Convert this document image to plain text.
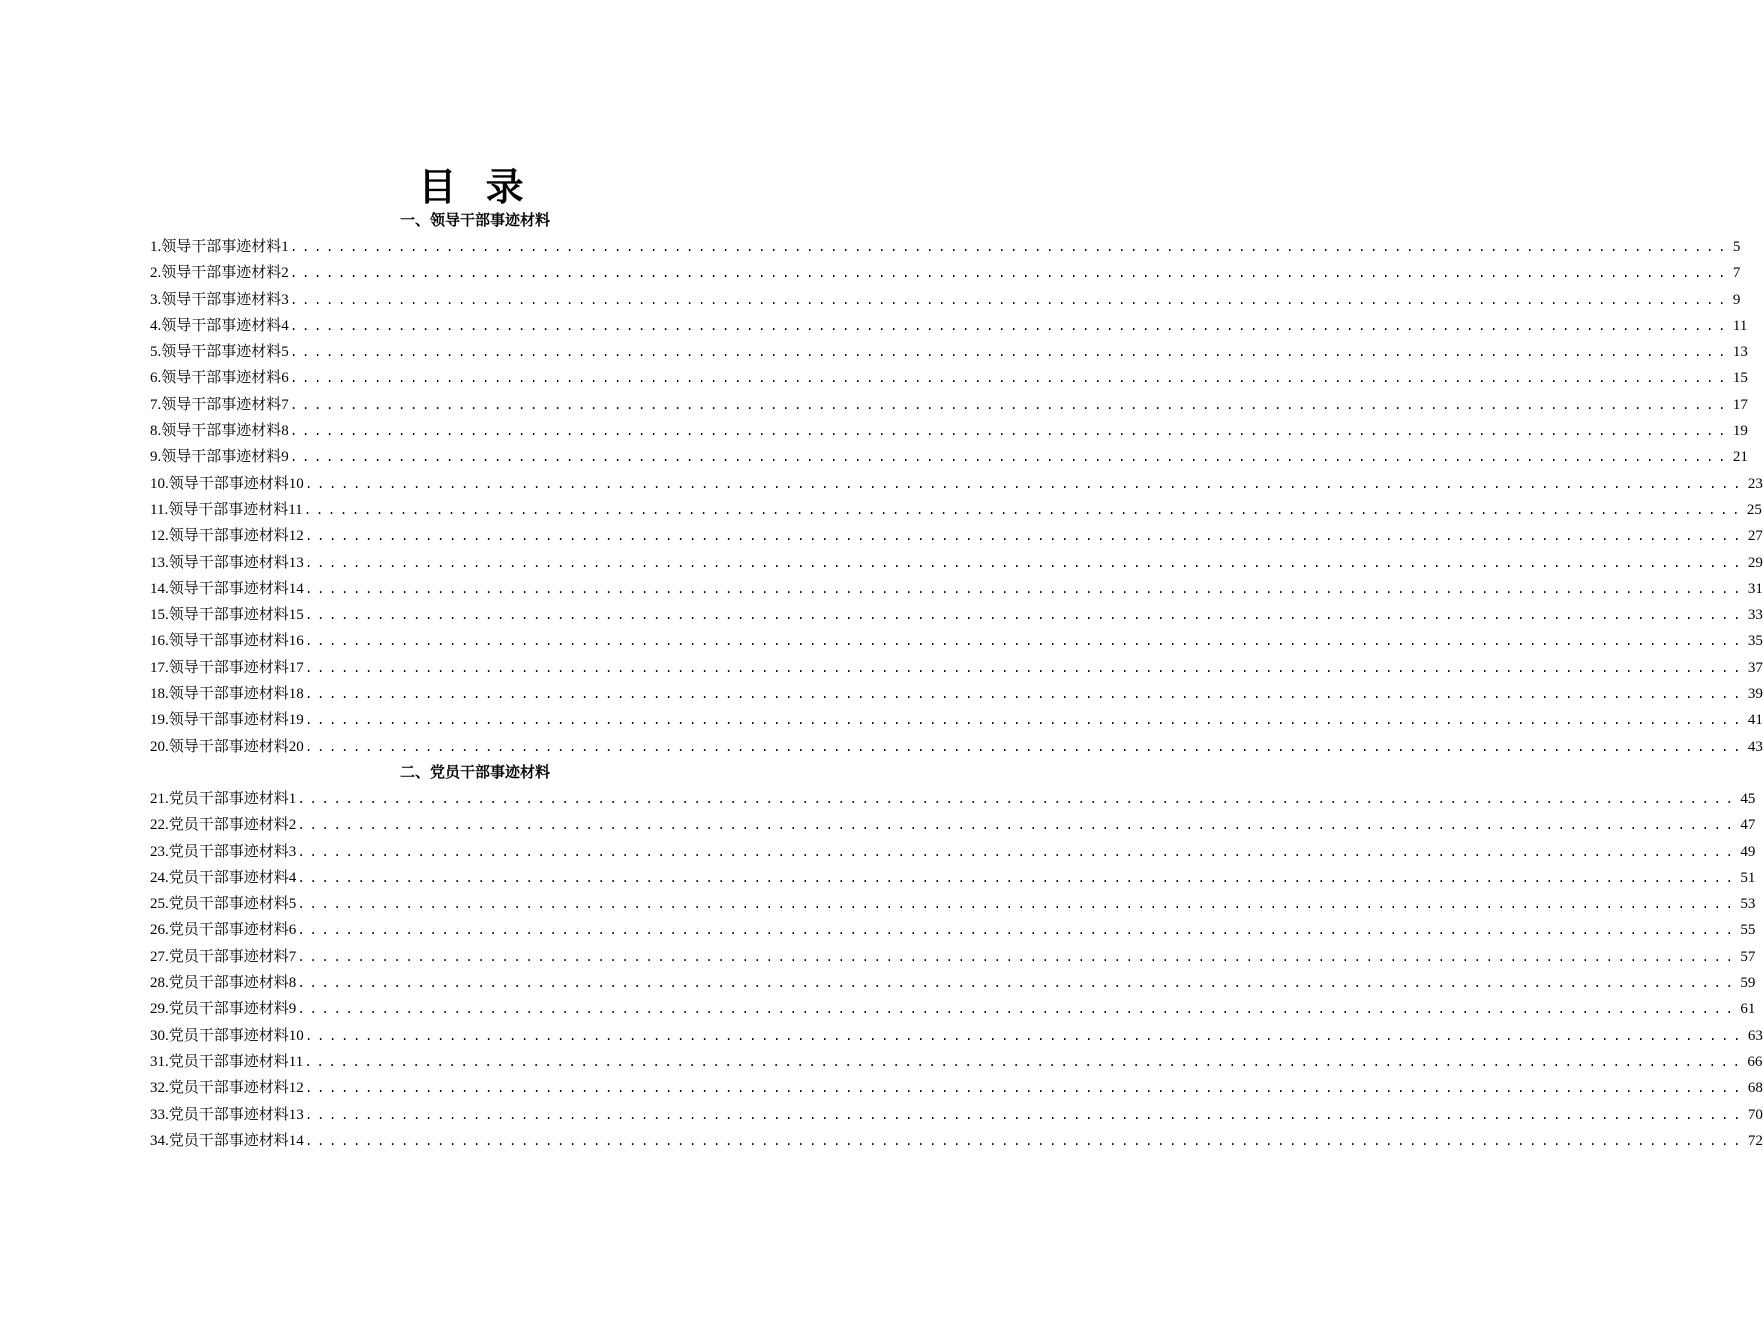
目 录
一、领导干部事迹材料
1. 领导干部事迹材料 1 ........................................................................................................................ 5
2. 领导干部事迹材料 2 ........................................................................................................................ 7
3. 领导干部事迹材料 3 ........................................................................................................................ 9
4. 领导干部事迹材料 4 ........................................................................................................................ 11
5. 领导干部事迹材料 5 ........................................................................................................................ 13
6. 领导干部事迹材料 6 ........................................................................................................................ 15
7. 领导干部事迹材料 7 ........................................................................................................................ 17
8. 领导干部事迹材料 8 ........................................................................................................................ 19
9. 领导干部事迹材料 9 ........................................................................................................................ 21
10. 领导干部事迹材料 10 ........................................................................................................................ 23
11. 领导干部事迹材料 11 ........................................................................................................................ 25
12. 领导干部事迹材料 12 ........................................................................................................................ 27
13. 领导干部事迹材料 13 ........................................................................................................................ 29
14. 领导干部事迹材料 14 ........................................................................................................................ 31
15. 领导干部事迹材料 15 ........................................................................................................................ 33
16. 领导干部事迹材料 16 ........................................................................................................................ 35
17. 领导干部事迹材料 17 ........................................................................................................................ 37
18. 领导干部事迹材料 18 ........................................................................................................................ 39
19. 领导干部事迹材料 19 ........................................................................................................................ 41
20. 领导干部事迹材料 20 ........................................................................................................................ 43
二、党员干部事迹材料
21. 党员干部事迹材料 1 ........................................................................................................................ 45
22. 党员干部事迹材料 2 ........................................................................................................................ 47
23. 党员干部事迹材料 3 ........................................................................................................................ 49
24. 党员干部事迹材料 4 ........................................................................................................................ 51
25. 党员干部事迹材料 5 ........................................................................................................................ 53
26. 党员干部事迹材料 6 ........................................................................................................................ 55
27. 党员干部事迹材料 7 ........................................................................................................................ 57
28. 党员干部事迹材料 8 ........................................................................................................................ 59
29. 党员干部事迹材料 9 ........................................................................................................................ 61
30. 党员干部事迹材料 10 ........................................................................................................................ 63
31. 党员干部事迹材料 11 ........................................................................................................................ 66
32. 党员干部事迹材料 12 ........................................................................................................................ 68
33. 党员干部事迹材料 13 ........................................................................................................................ 70
34. 党员干部事迹材料 14 ........................................................................................................................ 72
